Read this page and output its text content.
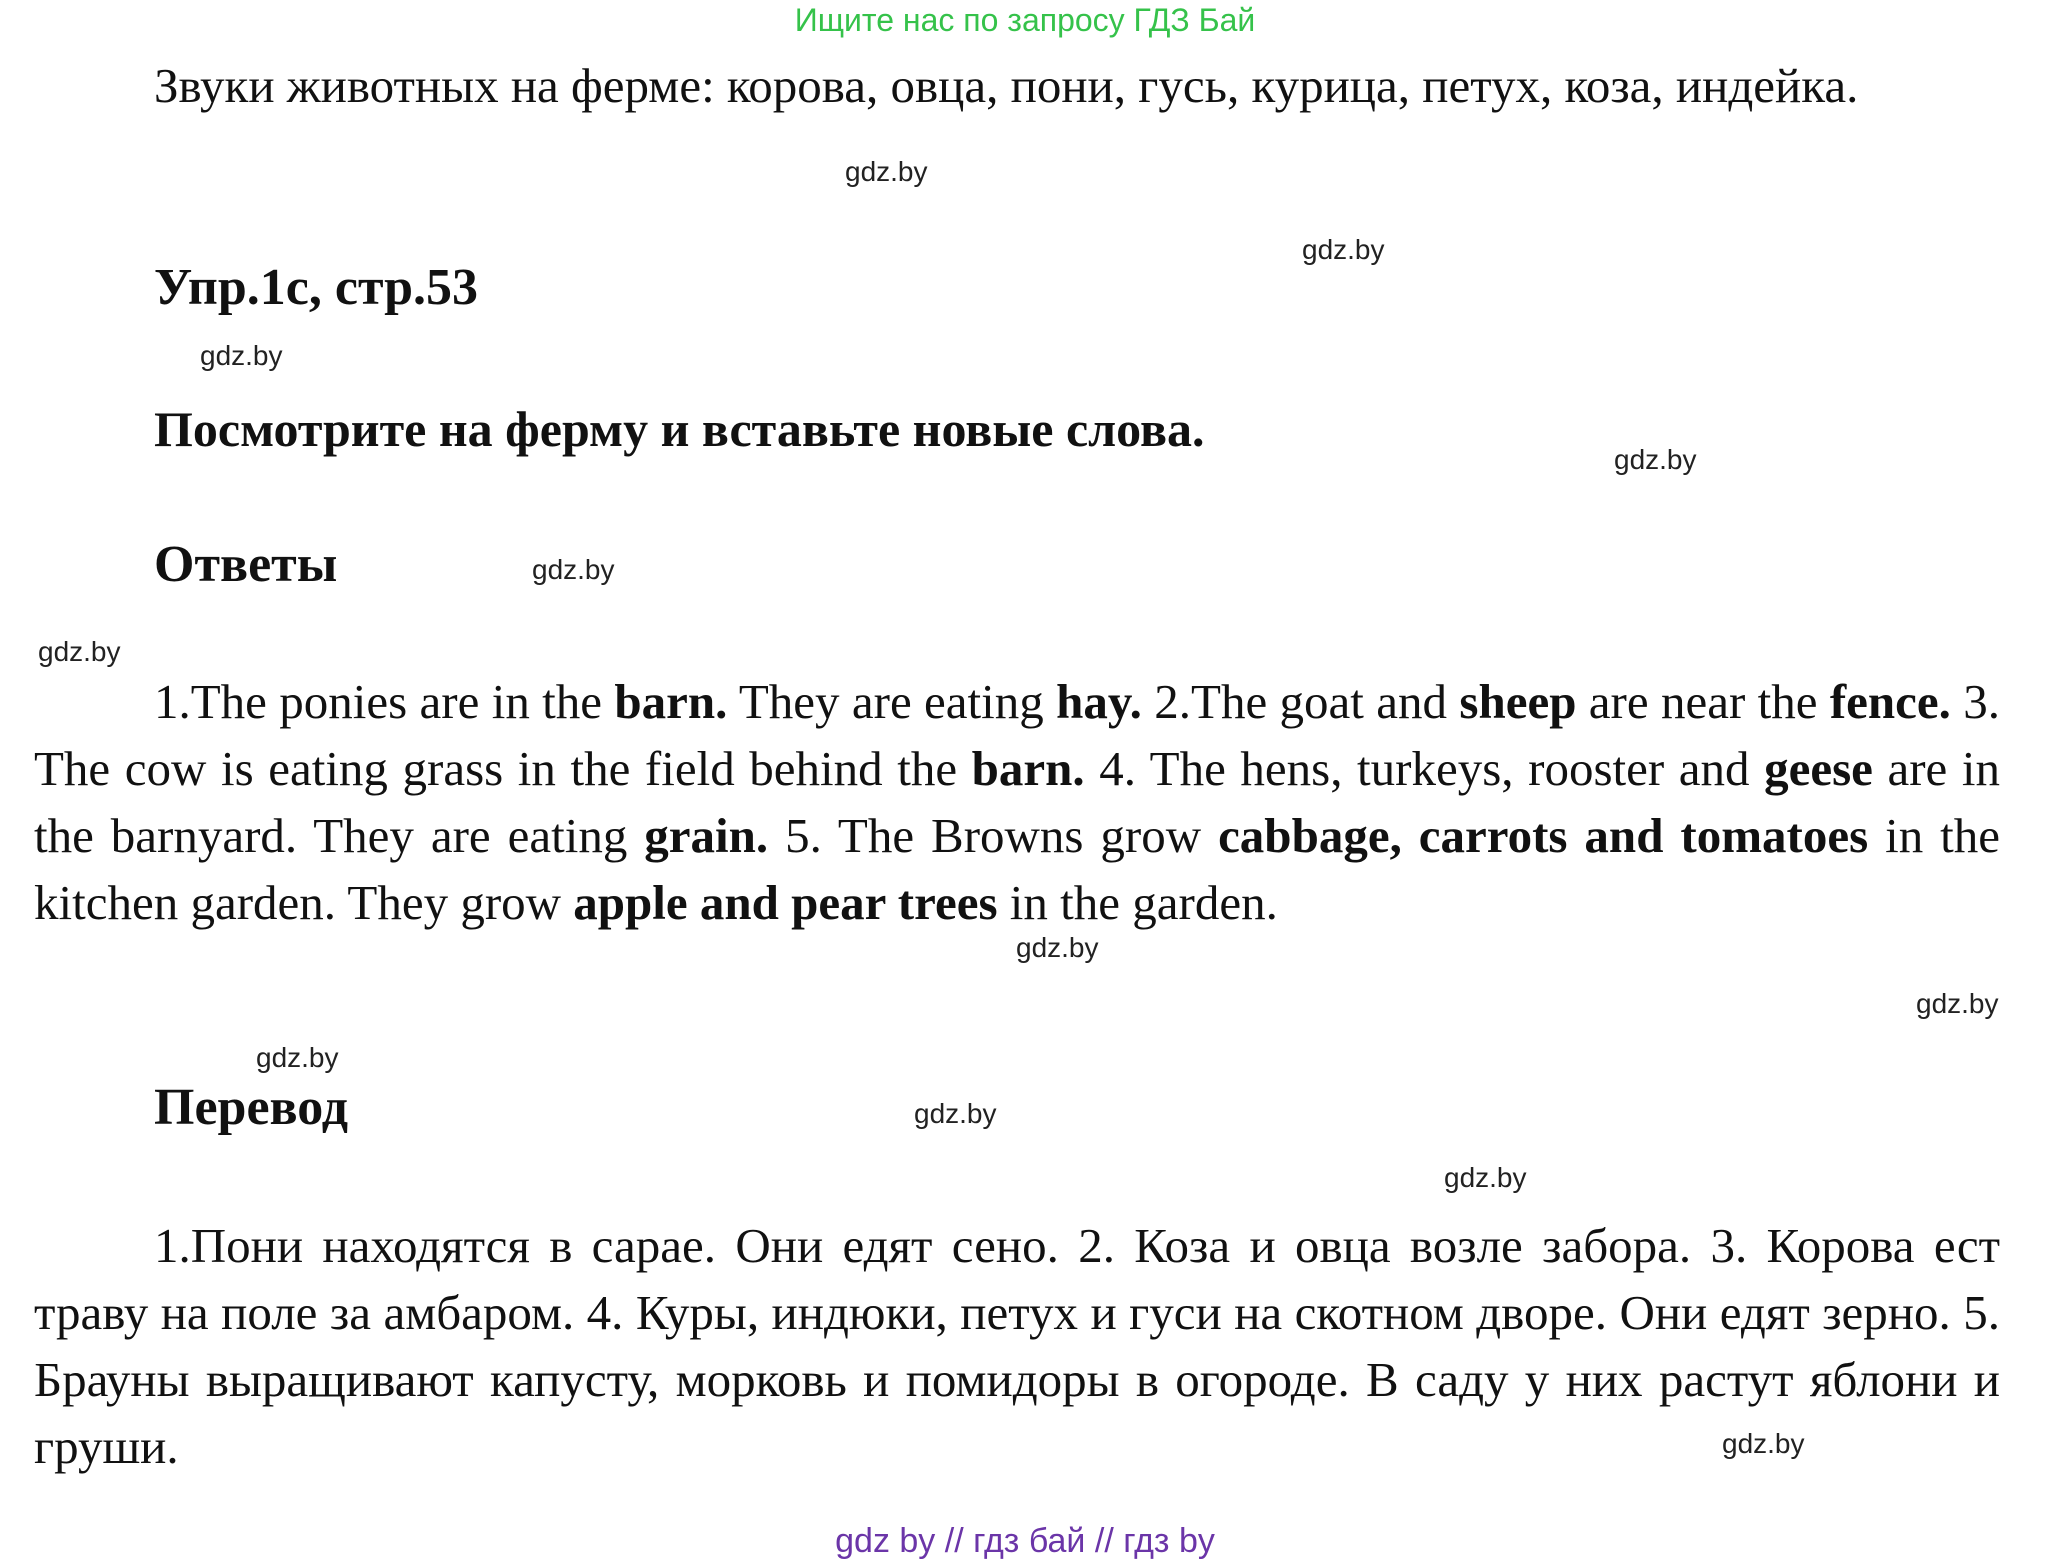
Ищите нас по запросу ГДЗ Бай
Звуки животных на ферме: корова, овца, пони, гусь, курица, петух, коза, индейка.
Упр.1с, стр.53
Посмотрите на ферму и вставьте новые слова.
Ответы
1.The ponies are in the barn. They are eating hay. 2.The goat and sheep are near the fence. 3. The cow is eating grass in the field behind the barn. 4. The hens, turkeys, rooster and geese are in the barnyard. They are eating grain. 5. The Browns grow cabbage, carrots and tomatoes in the kitchen garden. They grow apple and pear trees in the garden.
Перевод
1.Пони находятся в сарае. Они едят сено. 2. Коза и овца возле забора. 3. Корова ест траву на поле за амбаром. 4. Куры, индюки, петух и гуси на скотном дворе. Они едят зерно. 5. Брауны выращивают капусту, морковь и помидоры в огороде. В саду у них растут яблони и груши.
gdz.by
gdz.by
gdz.by
gdz.by
gdz.by
gdz.by
gdz.by
gdz.by
gdz.by
gdz.by
gdz.by
gdz.by
gdz by // гдз бай // гдз by
